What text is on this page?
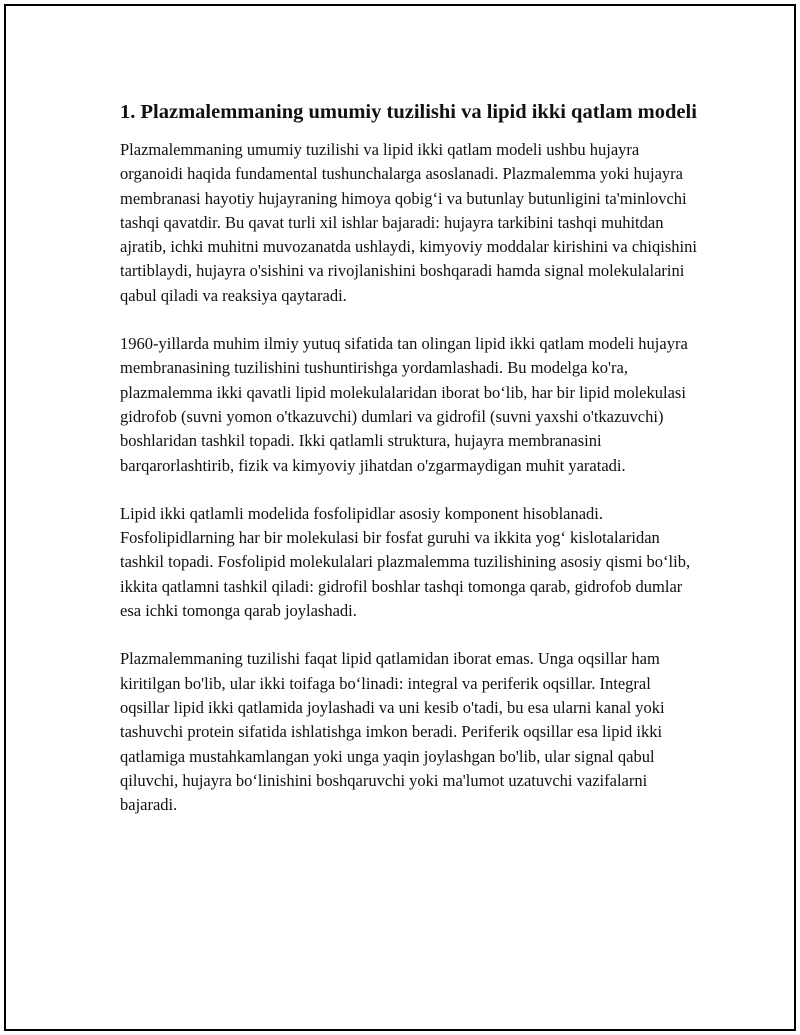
1. Plazmalemmaning umumiy tuzilishi va lipid ikki qatlam modeli

Plazmalemmaning umumiy tuzilishi va lipid ikki qatlam modeli ushbu hujayra organoidi haqida fundamental tushunchalarga asoslanadi. Plazmalemma yoki hujayra membranasi hayotiy hujayraning himoya qobig‘i va butunlay butunligini ta'minlovchi tashqi qavatdir. Bu qavat turli xil ishlar bajaradi: hujayra tarkibini tashqi muhitdan ajratib, ichki muhitni muvozanatda ushlaydi, kimyoviy moddalar kirishini va chiqishini tartiblaydi, hujayra o'sishini va rivojlanishini boshqaradi hamda signal molekulalarini qabul qiladi va reaksiya qaytaradi.

1960-yillarda muhim ilmiy yutuq sifatida tan olingan lipid ikki qatlam modeli hujayra membranasining tuzilishini tushuntirishga yordamlashadi. Bu modelga ko'ra, plazmalemma ikki qavatli lipid molekulalaridan iborat bo‘lib, har bir lipid molekulasi gidrofob (suvni yomon o'tkazuvchi) dumlari va gidrofil (suvni yaxshi o'tkazuvchi) boshlaridan tashkil topadi. Ikki qatlamli struktura, hujayra membranasini barqarorlashtirib, fizik va kimyoviy jihatdan o'zgarmaydigan muhit yaratadi.

Lipid ikki qatlamli modelida fosfolipidlar asosiy komponent hisoblanadi. Fosfolipidlarning har bir molekulasi bir fosfat guruhi va ikkita yog‘ kislotalaridan tashkil topadi. Fosfolipid molekulalari plazmalemma tuzilishining asosiy qismi bo‘lib, ikkita qatlamni tashkil qiladi: gidrofil boshlar tashqi tomonga qarab, gidrofob dumlar esa ichki tomonga qarab joylashadi.

Plazmalemmaning tuzilishi faqat lipid qatlamidan iborat emas. Unga oqsillar ham kiritilgan bo'lib, ular ikki toifaga bo‘linadi: integral va periferik oqsillar. Integral oqsillar lipid ikki qatlamida joylashadi va uni kesib o'tadi, bu esa ularni kanal yoki tashuvchi protein sifatida ishlatishga imkon beradi. Periferik oqsillar esa lipid ikki qatlamiga mustahkamlangan yoki unga yaqin joylashgan bo'lib, ular signal qabul qiluvchi, hujayra bo‘linishini boshqaruvchi yoki ma'lumot uzatuvchi vazifalarni bajaradi.
